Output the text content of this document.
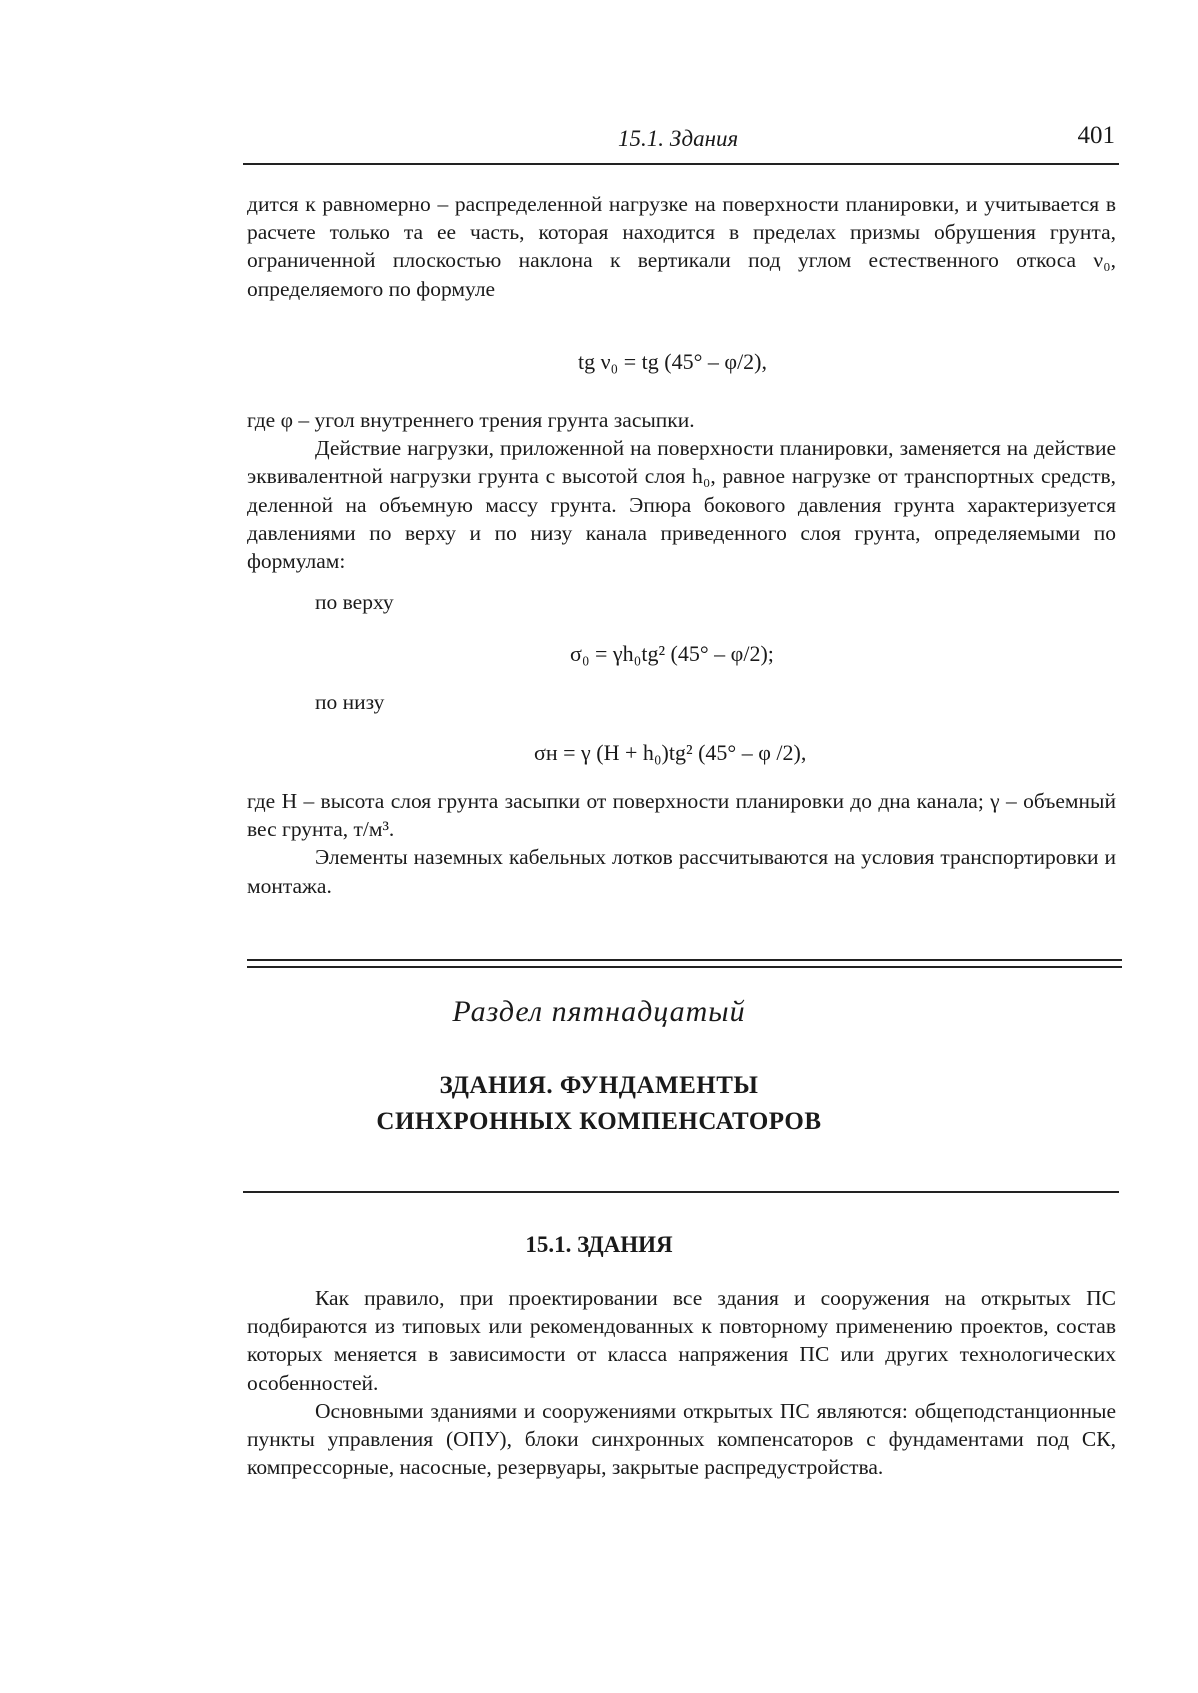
15.1. Здания	401

дится к равномерно – распределенной нагрузке на поверхности планировки, и учитывается в расчете только та ее часть, которая находится в пределах призмы обрушения грунта, ограниченной плоскостью наклона к вертикали под углом естественного откоса ν₀, определяемого по формуле

tg ν₀ = tg (45° – φ/2),

где φ – угол внутреннего трения грунта засыпки.

Действие нагрузки, приложенной на поверхности планировки, заменяется на действие эквивалентной нагрузки грунта с высотой слоя h₀, равное нагрузке от транспортных средств, деленной на объемную массу грунта. Эпюра бокового давления грунта характеризуется давлениями по верху и по низу канала приведенного слоя грунта, определяемыми по формулам:

по верху
σ₀ = γh₀tg² (45° – φ/2);
по низу
σн = γ (H + h₀)tg² (45° – φ /2),

где H – высота слоя грунта засыпки от поверхности планировки до дна канала; γ – объемный вес грунта, т/м³.

Элементы наземных кабельных лотков рассчитываются на условия транспортировки и монтажа.

Раздел пятнадцатый
ЗДАНИЯ. ФУНДАМЕНТЫ
СИНХРОННЫХ КОМПЕНСАТОРОВ
15.1. ЗДАНИЯ

Как правило, при проектировании все здания и сооружения на открытых ПС подбираются из типовых или рекомендованных к повторному применению проектов, состав которых меняется в зависимости от класса напряжения ПС или других технологических особенностей.

Основными зданиями и сооружениями открытых ПС являются: общеподстанционные пункты управления (ОПУ), блоки синхронных компенсаторов с фундаментами под СК, компрессорные, насосные, резервуары, закрытые распредустройства.
